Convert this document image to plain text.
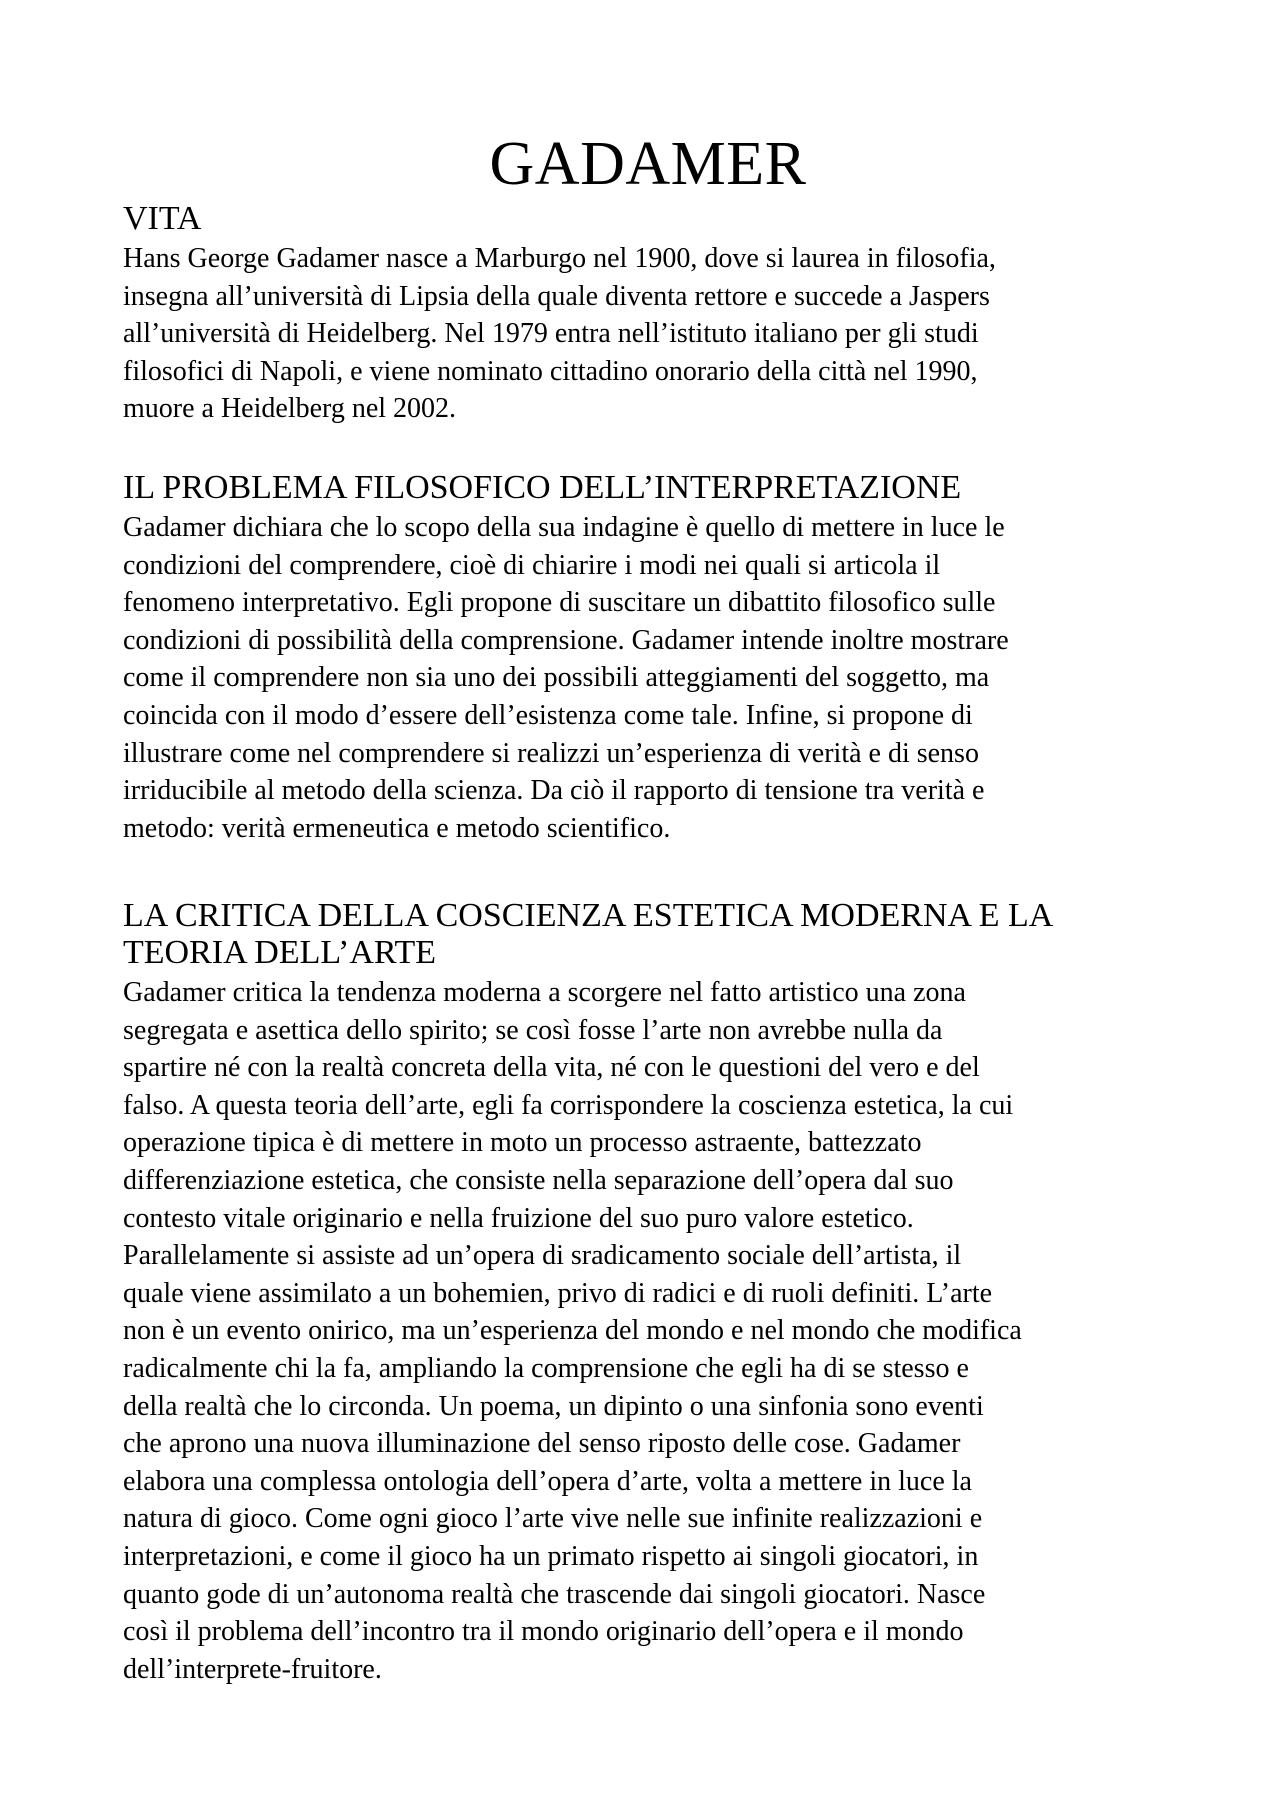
GADAMER
VITA
Hans George Gadamer nasce a Marburgo nel 1900, dove si laurea in filosofia,
insegna all’università di Lipsia della quale diventa rettore e succede a Jaspers
all’università di Heidelberg. Nel 1979 entra nell’istituto italiano per gli studi
filosofici di Napoli, e viene nominato cittadino onorario della città nel 1990,
muore a Heidelberg nel 2002.
IL PROBLEMA FILOSOFICO DELL’INTERPRETAZIONE
Gadamer dichiara che lo scopo della sua indagine è quello di mettere in luce le
condizioni del comprendere, cioè di chiarire i modi nei quali si articola il
fenomeno interpretativo. Egli propone di suscitare un dibattito filosofico sulle
condizioni di possibilità della comprensione. Gadamer intende inoltre mostrare
come il comprendere non sia uno dei possibili atteggiamenti del soggetto, ma
coincida con il modo d’essere dell’esistenza come tale. Infine, si propone di
illustrare come nel comprendere si realizzi un’esperienza di verità e di senso
irriducibile al metodo della scienza. Da ciò il rapporto di tensione tra verità e
metodo: verità ermeneutica e metodo scientifico.
LA CRITICA DELLA COSCIENZA ESTETICA MODERNA E LA TEORIA DELL’ARTE
Gadamer critica la tendenza moderna a scorgere nel fatto artistico una zona
segregata e asettica dello spirito; se così fosse l’arte non avrebbe nulla da
spartire né con la realtà concreta della vita, né con le questioni del vero e del
falso. A questa teoria dell’arte, egli fa corrispondere la coscienza estetica, la cui
operazione tipica è di mettere in moto un processo astraente, battezzato
differenziazione estetica, che consiste nella separazione dell’opera dal suo
contesto vitale originario e nella fruizione del suo puro valore estetico.
Parallelamente si assiste ad un’opera di sradicamento sociale dell’artista, il
quale viene assimilato a un bohemien, privo di radici e di ruoli definiti. L’arte
non è un evento onirico, ma un’esperienza del mondo e nel mondo che modifica
radicalmente chi la fa, ampliando la comprensione che egli ha di se stesso e
della realtà che lo circonda. Un poema, un dipinto o una sinfonia sono eventi
che aprono una nuova illuminazione del senso riposto delle cose. Gadamer
elabora una complessa ontologia dell’opera d’arte, volta a mettere in luce la
natura di gioco. Come ogni gioco l’arte vive nelle sue infinite realizzazioni e
interpretazioni, e come il gioco ha un primato rispetto ai singoli giocatori, in
quanto gode di un’autonoma realtà che trascende dai singoli giocatori. Nasce
così il problema dell’incontro tra il mondo originario dell’opera e il mondo
dell’interprete-fruitore.
